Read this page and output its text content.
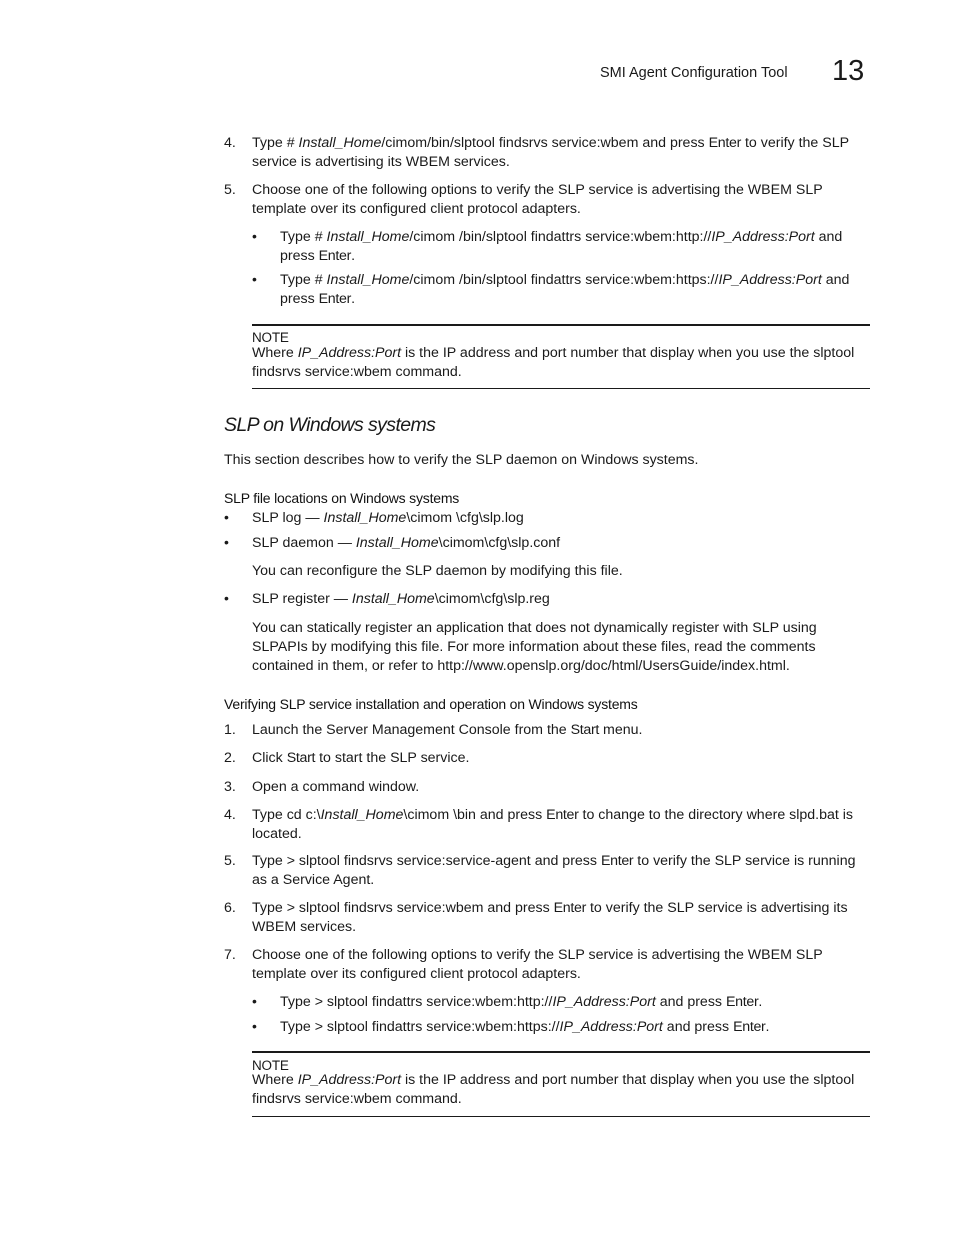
SMI Agent Configuration Tool 13
4.	Type # Install_Home/cimom/bin/slptool findsrvs service:wbem and press Enter to verify the SLP service is advertising its WBEM services.
5.	Choose one of the following options to verify the SLP service is advertising the WBEM SLP template over its configured client protocol adapters.
• Type # Install_Home/cimom /bin/slptool findattrs service:wbem:http://IP_Address:Port and press Enter.
• Type # Install_Home/cimom /bin/slptool findattrs service:wbem:https://IP_Address:Port and press Enter.
NOTE
Where IP_Address:Port is the IP address and port number that display when you use the slptool findsrvs service:wbem command.
SLP on Windows systems
This section describes how to verify the SLP daemon on Windows systems.
SLP file locations on Windows systems
• SLP log — Install_Home\cimom \cfg\slp.log
• SLP daemon — Install_Home\cimom\cfg\slp.conf
You can reconfigure the SLP daemon by modifying this file.
• SLP register — Install_Home\cimom\cfg\slp.reg
You can statically register an application that does not dynamically register with SLP using SLPAPIs by modifying this file. For more information about these files, read the comments contained in them, or refer to http://www.openslp.org/doc/html/UsersGuide/index.html.
Verifying SLP service installation and operation on Windows systems
1.	Launch the Server Management Console from the Start menu.
2.	Click Start to start the SLP service.
3.	Open a command window.
4.	Type cd c:\Install_Home\cimom \bin and press Enter to change to the directory where slpd.bat is located.
5.	Type > slptool findsrvs service:service-agent and press Enter to verify the SLP service is running as a Service Agent.
6.	Type > slptool findsrvs service:wbem and press Enter to verify the SLP service is advertising its WBEM services.
7.	Choose one of the following options to verify the SLP service is advertising the WBEM SLP template over its configured client protocol adapters.
• Type > slptool findattrs service:wbem:http://IP_Address:Port and press Enter.
• Type > slptool findattrs service:wbem:https://IP_Address:Port and press Enter.
NOTE
Where IP_Address:Port is the IP address and port number that display when you use the slptool findsrvs service:wbem command.
